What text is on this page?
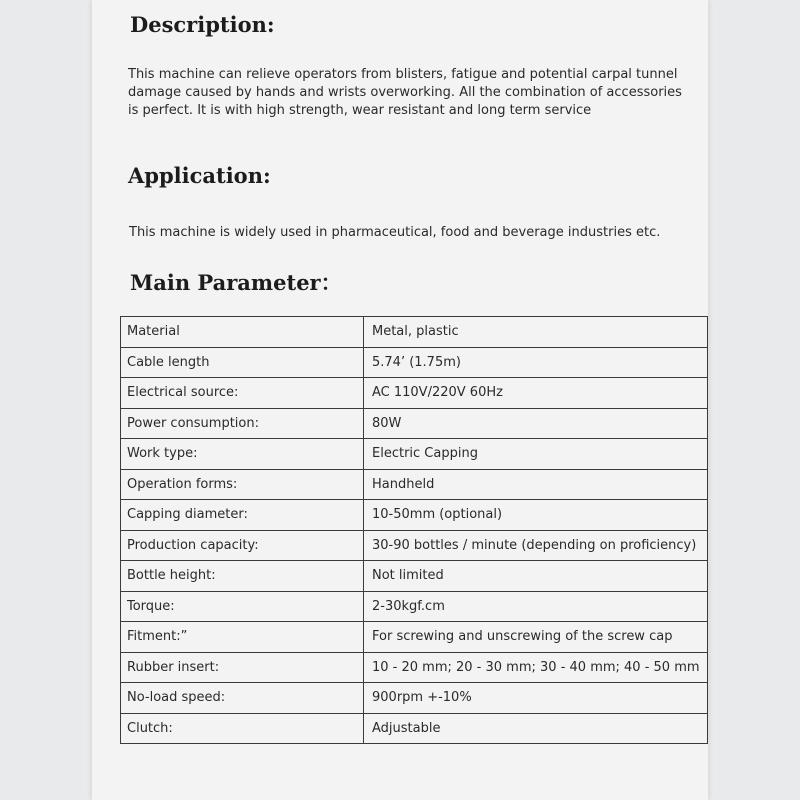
Description:

This machine can relieve operators from blisters, fatigue and potential carpal tunnel damage caused by hands and wrists overworking. All the combination of accessories is perfect. It is with high strength, wear resistant and long term service

Application:

This machine is widely used in pharmaceutical, food and beverage industries etc.

Main Parameter：
Material	Metal, plastic
Cable length	5.74’ (1.75m)
Electrical source:	AC 110V/220V 60Hz
Power consumption:	80W
Work type:	Electric Capping
Operation forms:	Handheld
Capping diameter:	10-50mm (optional)
Production capacity:	30-90 bottles / minute (depending on proficiency)
Bottle height:	Not limited
Torque:	2-30kgf.cm
Fitment:”	For screwing and unscrewing of the screw cap
Rubber insert:	10 - 20 mm; 20 - 30 mm; 30 - 40 mm; 40 - 50 mm
No-load speed:	900rpm +-10%
Clutch:	Adjustable
